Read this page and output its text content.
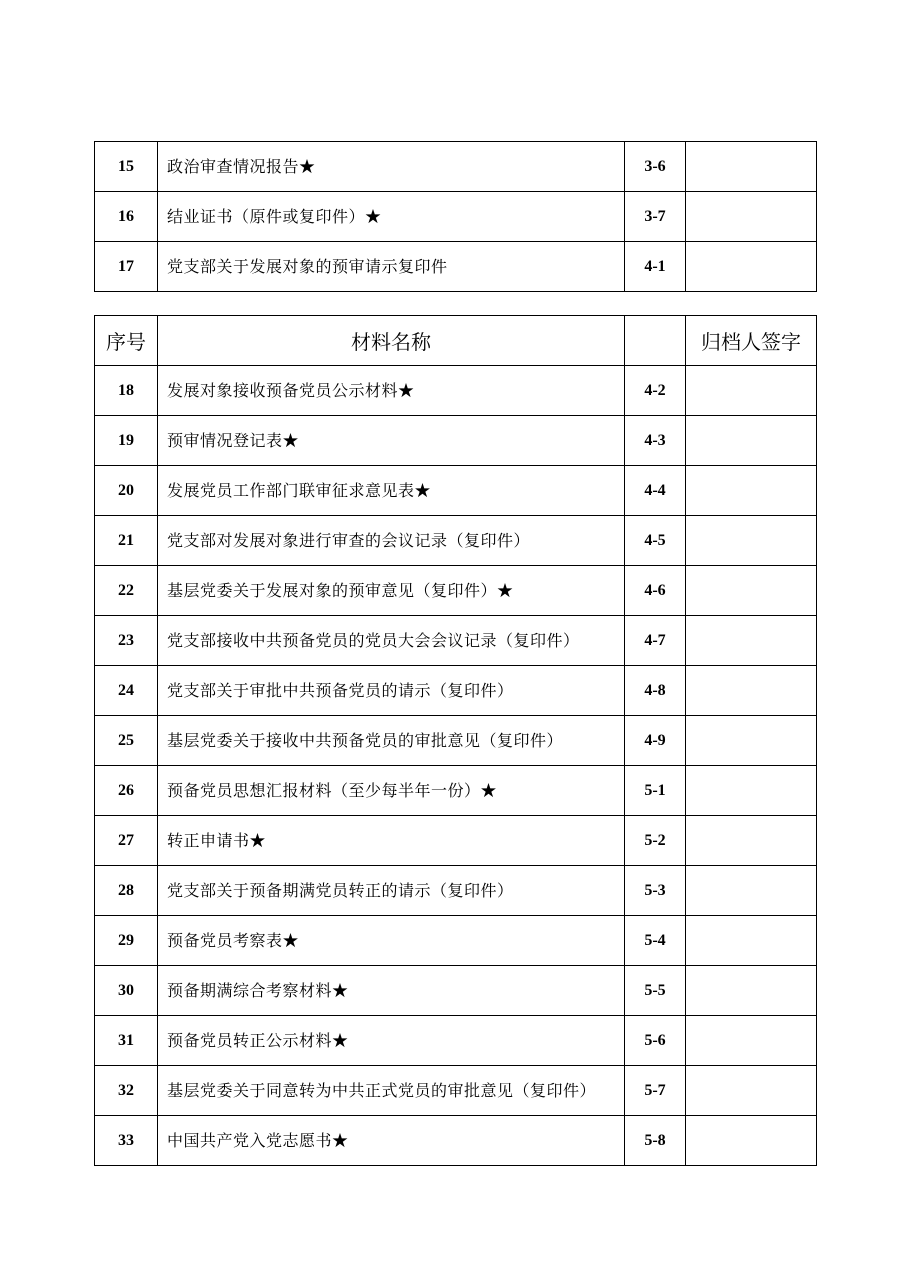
15	政治审查情况报告★	3-6	
16	结业证书（原件或复印件）★	3-7	
17	党支部关于发展对象的预审请示复印件	4-1	
序号	材料名称		归档人签字
18	发展对象接收预备党员公示材料★	4-2	
19	预审情况登记表★	4-3	
20	发展党员工作部门联审征求意见表★	4-4	
21	党支部对发展对象进行审查的会议记录（复印件）	4-5	
22	基层党委关于发展对象的预审意见（复印件）★	4-6	
23	党支部接收中共预备党员的党员大会会议记录（复印件）	4-7	
24	党支部关于审批中共预备党员的请示（复印件）	4-8	
25	基层党委关于接收中共预备党员的审批意见（复印件）	4-9	
26	预备党员思想汇报材料（至少每半年一份）★	5-1	
27	转正申请书★	5-2	
28	党支部关于预备期满党员转正的请示（复印件）	5-3	
29	预备党员考察表★	5-4	
30	预备期满综合考察材料★	5-5	
31	预备党员转正公示材料★	5-6	
32	基层党委关于同意转为中共正式党员的审批意见（复印件）	5-7	
33	中国共产党入党志愿书★	5-8	
